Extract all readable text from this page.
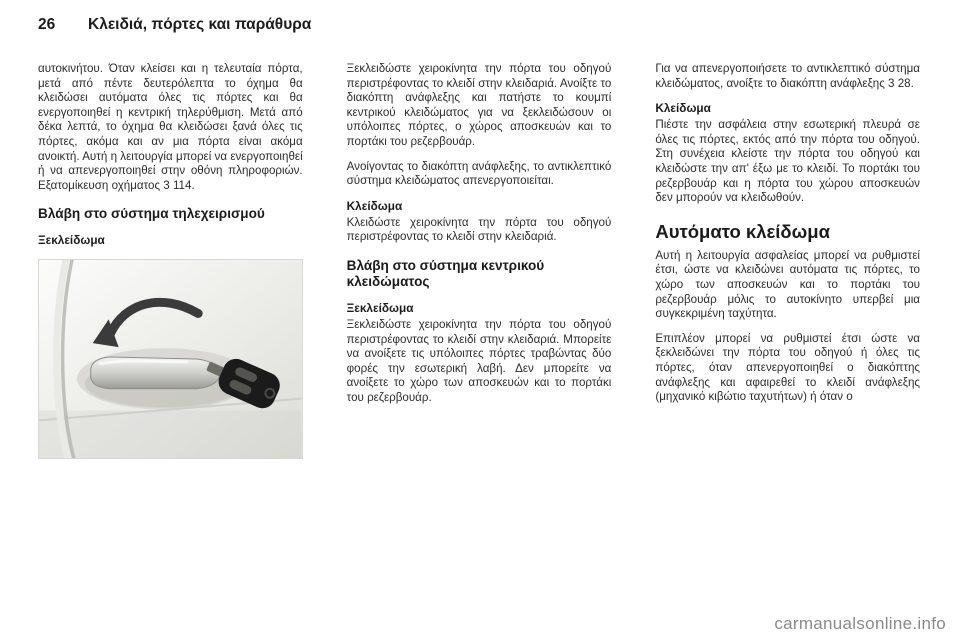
26 Κλειδιά, πόρτες και παράθυρα

αυτοκινήτου. Όταν κλείσει και η τελευταία πόρτα, μετά από πέντε δευτερόλεπτα το όχημα θα κλειδώσει αυτόματα όλες τις πόρτες και θα ενεργοποιηθεί η κεντρική τηλερύθμιση. Μετά από δέκα λεπτά, το όχημα θα κλειδώσει ξανά όλες τις πόρτες, ακόμα και αν μια πόρτα είναι ακόμα ανοικτή. Αυτή η λειτουργία μπορεί να ενεργοποιηθεί ή να απενεργοποιηθεί στην οθόνη πληροφοριών. Εξατομίκευση οχήματος 3 114.

Βλάβη στο σύστημα τηλεχειρισμού
Ξεκλείδωμα

Ξεκλειδώστε χειροκίνητα την πόρτα του οδηγού περιστρέφοντας το κλειδί στην κλειδαριά. Ανοίξτε το διακόπτη ανάφλεξης και πατήστε το κουμπί κεντρικού κλειδώματος για να ξεκλειδώσουν οι υπόλοιπες πόρτες, ο χώρος αποσκευών και το πορτάκι του ρεζερβουάρ.

Ανοίγοντας το διακόπτη ανάφλεξης, το αντικλεπτικό σύστημα κλειδώματος απενεργοποιείται.

Κλείδωμα

Κλειδώστε χειροκίνητα την πόρτα του οδηγού περιστρέφοντας το κλειδί στην κλειδαριά.

Βλάβη στο σύστημα κεντρικού κλειδώματος
Ξεκλείδωμα

Ξεκλειδώστε χειροκίνητα την πόρτα του οδηγού περιστρέφοντας το κλειδί στην κλειδαριά. Μπορείτε να ανοίξετε τις υπόλοιπες πόρτες τραβώντας δύο φορές την εσωτερική λαβή. Δεν μπορείτε να ανοίξετε το χώρο των αποσκευών και το πορτάκι του ρεζερβουάρ.

Για να απενεργοποιήσετε το αντικλεπτικό σύστημα κλειδώματος, ανοίξτε το διακόπτη ανάφλεξης 3 28.

Κλείδωμα

Πιέστε την ασφάλεια στην εσωτερική πλευρά σε όλες τις πόρτες, εκτός από την πόρτα του οδηγού. Στη συνέχεια κλείστε την πόρτα του οδηγού και κλειδώστε την απ' έξω με το κλειδί. Το πορτάκι του ρεζερβουάρ και η πόρτα του χώρου αποσκευών δεν μπορούν να κλειδωθούν.

Αυτόματο κλείδωμα

Αυτή η λειτουργία ασφαλείας μπορεί να ρυθμιστεί έτσι, ώστε να κλειδώνει αυτόματα τις πόρτες, το χώρο των αποσκευών και το πορτάκι του ρεζερβουάρ μόλις το αυτοκίνητο υπερβεί μια συγκεκριμένη ταχύτητα.

Επιπλέον μπορεί να ρυθμιστεί έτσι ώστε να ξεκλειδώνει την πόρτα του οδηγού ή όλες τις πόρτες, όταν απενεργοποιηθεί ο διακόπτης ανάφλεξης και αφαιρεθεί το κλειδί ανάφλεξης (μηχανικό κιβώτιο ταχυτήτων) ή όταν ο

carmanualsonline.info
